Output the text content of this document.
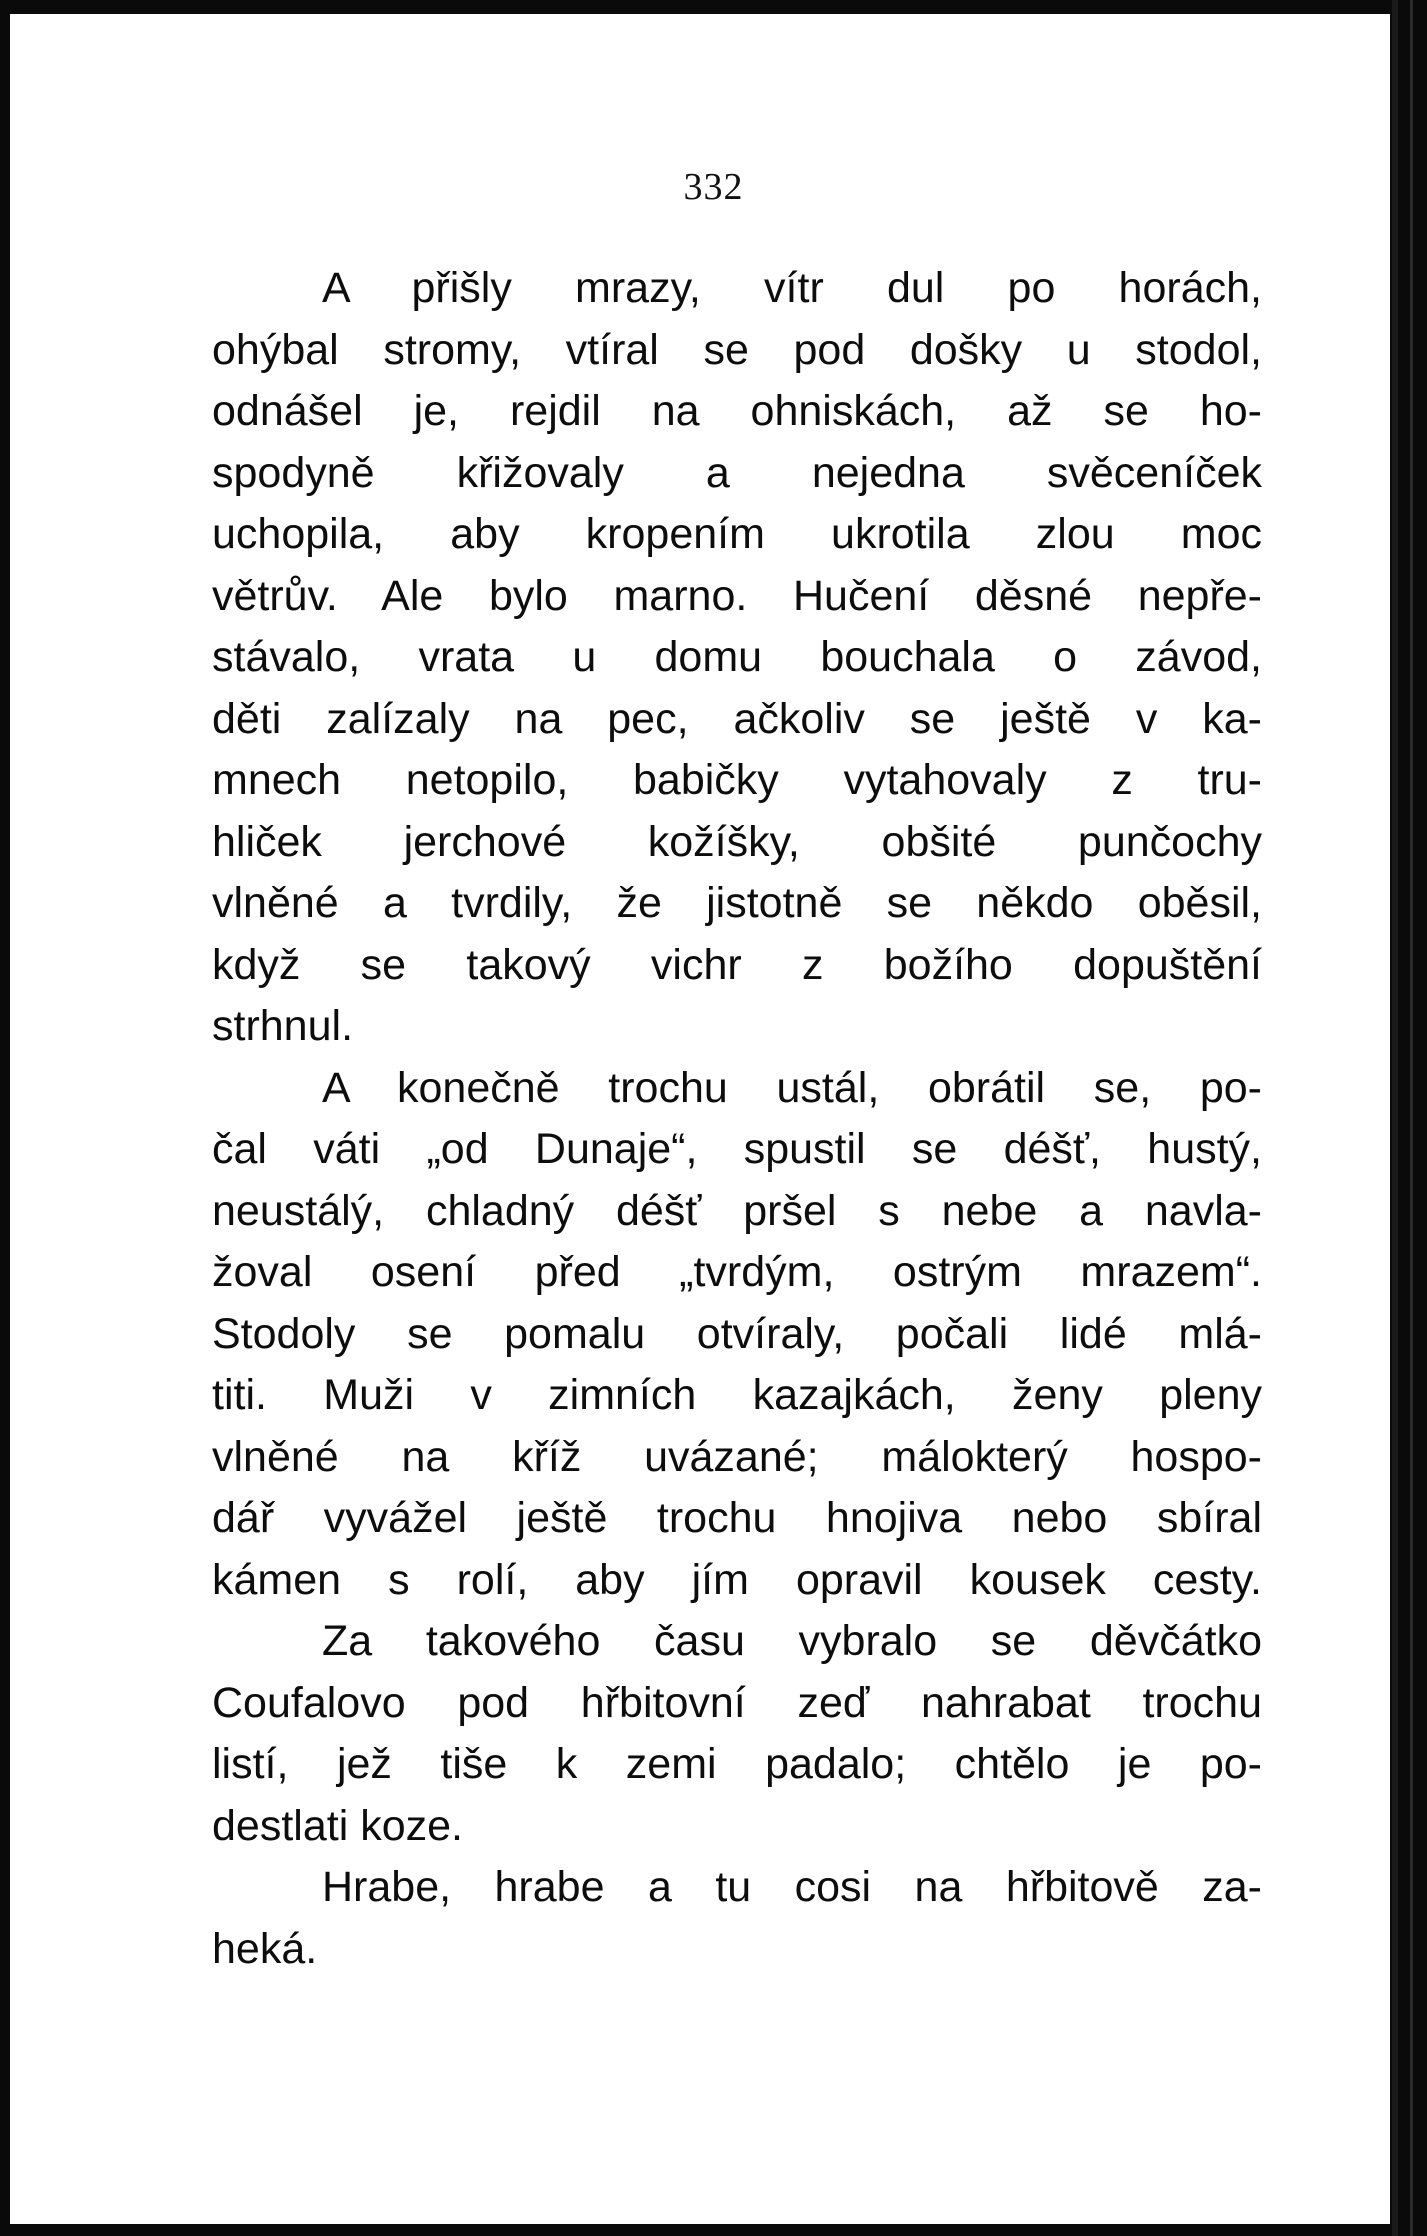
332
A přišly mrazy, vítr dul po horách,
ohýbal stromy, vtíral se pod došky u stodol,
odnášel je, rejdil na ohniskách, až se ho-
spodyně křižovaly a nejedna svěceníček
uchopila, aby kropením ukrotila zlou moc
větrův. Ale bylo marno. Hučení děsné nepře-
stávalo, vrata u domu bouchala o závod,
děti zalízaly na pec, ačkoliv se ještě v ka-
mnech netopilo, babičky vytahovaly z tru-
hliček jerchové kožíšky, obšité punčochy
vlněné a tvrdily, že jistotně se někdo oběsil,
když se takový vichr z božího dopuštění
strhnul.
A konečně trochu ustál, obrátil se, po-
čal váti „od Dunaje“, spustil se déšť, hustý,
neustálý, chladný déšť pršel s nebe a navla-
žoval osení před „tvrdým, ostrým mrazem“.
Stodoly se pomalu otvíraly, počali lidé mlá-
titi. Muži v zimních kazajkách, ženy pleny
vlněné na kříž uvázané; málokterý hospo-
dář vyvážel ještě trochu hnojiva nebo sbíral
kámen s rolí, aby jím opravil kousek cesty.
Za takového času vybralo se děvčátko
Coufalovo pod hřbitovní zeď nahrabat trochu
listí, jež tiše k zemi padalo; chtělo je po-
destlati koze.
Hrabe, hrabe a tu cosi na hřbitově za-
heká.
